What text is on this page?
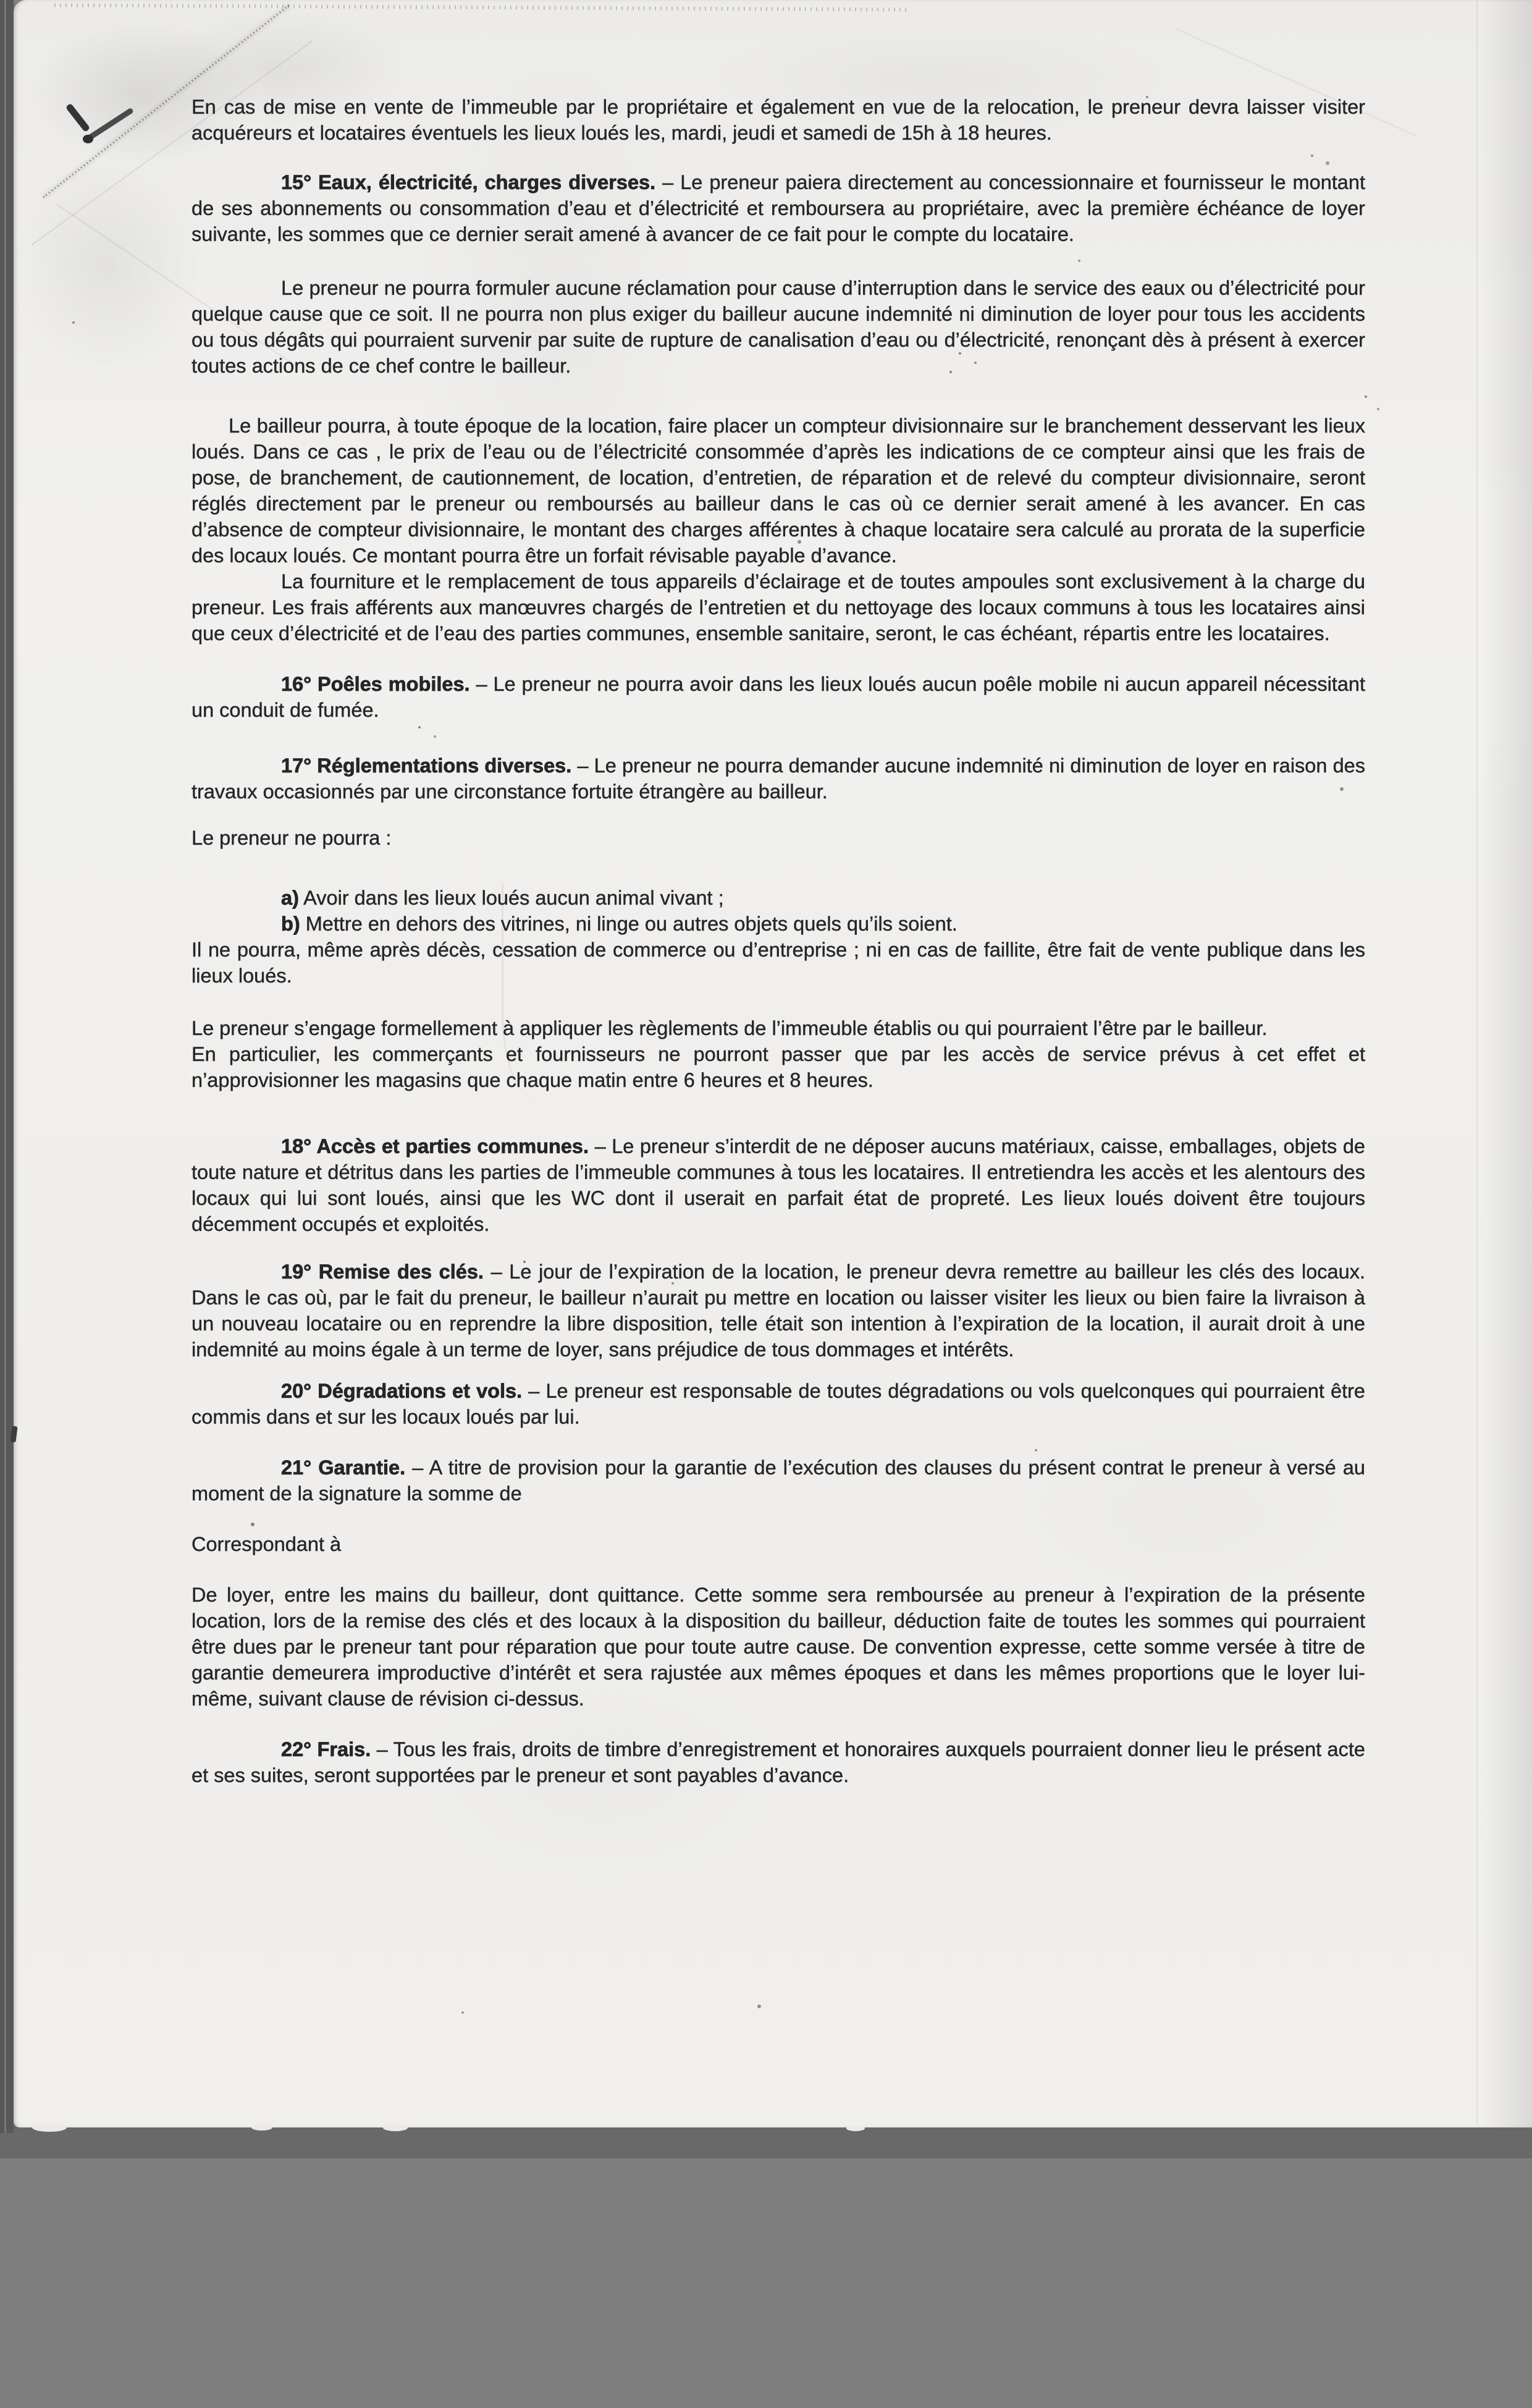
En cas de mise en vente de l’immeuble par le propriétaire et également en vue de la relocation, le preneur devra laisser visiter acquéreurs et locataires éventuels les lieux loués les, mardi, jeudi et samedi de 15h à 18 heures.

15° Eaux, électricité, charges diverses. – Le preneur paiera directement au concessionnaire et fournisseur le montant de ses abonnements ou consommation d’eau et d’électricité et remboursera au propriétaire, avec la première échéance de loyer suivante, les sommes que ce dernier serait amené à avancer de ce fait pour le compte du locataire.

Le preneur ne pourra formuler aucune réclamation pour cause d’interruption dans le service des eaux ou d’électricité pour quelque cause que ce soit. Il ne pourra non plus exiger du bailleur aucune indemnité ni diminution de loyer pour tous les accidents ou tous dégâts qui pourraient survenir par suite de rupture de canalisation d’eau ou d’électricité, renonçant dès à présent à exercer toutes actions de ce chef contre le bailleur.

Le bailleur pourra, à toute époque de la location, faire placer un compteur divisionnaire sur le branchement desservant les lieux loués. Dans ce cas , le prix de l’eau ou de l’électricité consommée d’après les indications de ce compteur ainsi que les frais de pose, de branchement, de cautionnement, de location, d’entretien, de réparation et de relevé du compteur divisionnaire, seront réglés directement par le preneur ou remboursés au bailleur dans le cas où ce dernier serait amené à les avancer. En cas d’absence de compteur divisionnaire, le montant des charges afférentes à chaque locataire sera calculé au prorata de la superficie des locaux loués. Ce montant pourra être un forfait révisable payable d’avance.

La fourniture et le remplacement de tous appareils d’éclairage et de toutes ampoules sont exclusivement à la charge du preneur. Les frais afférents aux manœuvres chargés de l’entretien et du nettoyage des locaux communs à tous les locataires ainsi que ceux d’électricité et de l’eau des parties communes, ensemble sanitaire, seront, le cas échéant, répartis entre les locataires.

16° Poêles mobiles. – Le preneur ne pourra avoir dans les lieux loués aucun poêle mobile ni aucun appareil nécessitant un conduit de fumée.

17° Réglementations diverses. – Le preneur ne pourra demander aucune indemnité ni diminution de loyer en raison des travaux occasionnés par une circonstance fortuite étrangère au bailleur.

Le preneur ne pourra :

a) Avoir dans les lieux loués aucun animal vivant ;

b) Mettre en dehors des vitrines, ni linge ou autres objets quels qu’ils soient.

Il ne pourra, même après décès, cessation de commerce ou d’entreprise ; ni en cas de faillite, être fait de vente publique dans les lieux loués.

Le preneur s’engage formellement à appliquer les règlements de l’immeuble établis ou qui pourraient l’être par le bailleur.

En particulier, les commerçants et fournisseurs ne pourront passer que par les accès de service prévus à cet effet et n’approvisionner les magasins que chaque matin entre 6 heures et 8 heures.

18° Accès et parties communes. – Le preneur s’interdit de ne déposer aucuns matériaux, caisse, emballages, objets de toute nature et détritus dans les parties de l’immeuble communes à tous les locataires. Il entretiendra les accès et les alentours des locaux qui lui sont loués, ainsi que les WC dont il userait en parfait état de propreté. Les lieux loués doivent être toujours décemment occupés et exploités.

19° Remise des clés. – Le jour de l’expiration de la location, le preneur devra remettre au bailleur les clés des locaux. Dans le cas où, par le fait du preneur, le bailleur n’aurait pu mettre en location ou laisser visiter les lieux ou bien faire la livraison à un nouveau locataire ou en reprendre la libre disposition, telle était son intention à l’expiration de la location, il aurait droit à une indemnité au moins égale à un terme de loyer, sans préjudice de tous dommages et intérêts.

20° Dégradations et vols. – Le preneur est responsable de toutes dégradations ou vols quelconques qui pourraient être commis dans et sur les locaux loués par lui.

21° Garantie. – A titre de provision pour la garantie de l’exécution des clauses du présent contrat le preneur à versé au moment de la signature la somme de

Correspondant à

De loyer, entre les mains du bailleur, dont quittance. Cette somme sera remboursée au preneur à l’expiration de la présente location, lors de la remise des clés et des locaux à la disposition du bailleur, déduction faite de toutes les sommes qui pourraient être dues par le preneur tant pour réparation que pour toute autre cause. De convention expresse, cette somme versée à titre de garantie demeurera improductive d’intérêt et sera rajustée aux mêmes époques et dans les mêmes proportions que le loyer lui-même, suivant clause de révision ci-dessus.

22° Frais. – Tous les frais, droits de timbre d’enregistrement et honoraires auxquels pourraient donner lieu le présent acte et ses suites, seront supportées par le preneur et sont payables d’avance.
